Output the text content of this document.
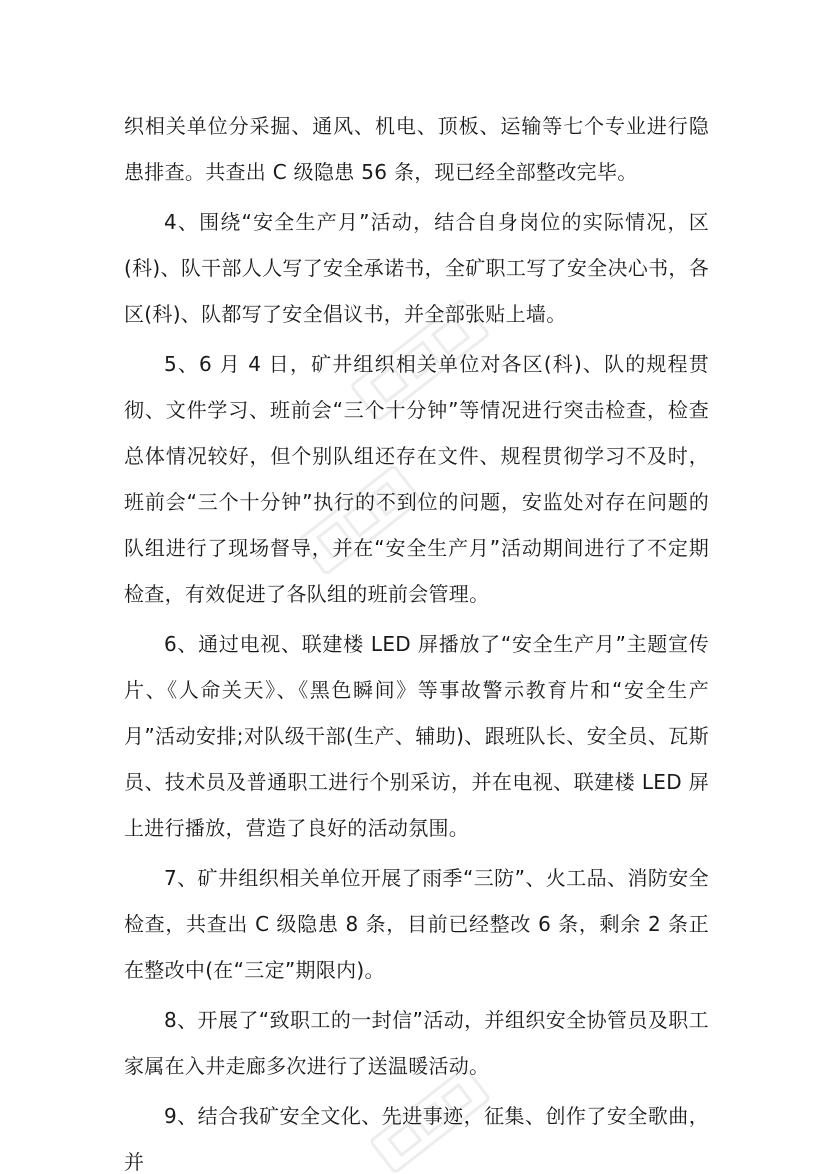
织相关单位分采掘、通风、机电、顶板、运输等七个专业进行隐患排查。共查出 C 级隐患 56 条，现已经全部整改完毕。

4、围绕“安全生产月”活动，结合自身岗位的实际情况，区(科)、队干部人人写了安全承诺书，全矿职工写了安全决心书，各区(科)、队都写了安全倡议书，并全部张贴上墙。

5、6 月 4 日，矿井组织相关单位对各区(科)、队的规程贯彻、文件学习、班前会“三个十分钟”等情况进行突击检查，检查总体情况较好，但个别队组还存在文件、规程贯彻学习不及时，班前会“三个十分钟”执行的不到位的问题，安监处对存在问题的队组进行了现场督导，并在“安全生产月”活动期间进行了不定期检查，有效促进了各队组的班前会管理。

6、通过电视、联建楼 LED 屏播放了“安全生产月”主题宣传片、《人命关天》、《黑色瞬间》等事故警示教育片和“安全生产月”活动安排;对队级干部(生产、辅助)、跟班队长、安全员、瓦斯员、技术员及普通职工进行个别采访，并在电视、联建楼 LED 屏上进行播放，营造了良好的活动氛围。

7、矿井组织相关单位开展了雨季“三防”、火工品、消防安全检查，共查出 C 级隐患 8 条，目前已经整改 6 条，剩余 2 条正在整改中(在“三定”期限内)。

8、开展了“致职工的一封信”活动，并组织安全协管员及职工家属在入井走廊多次进行了送温暖活动。

9、结合我矿安全文化、先进事迹，征集、创作了安全歌曲，并
